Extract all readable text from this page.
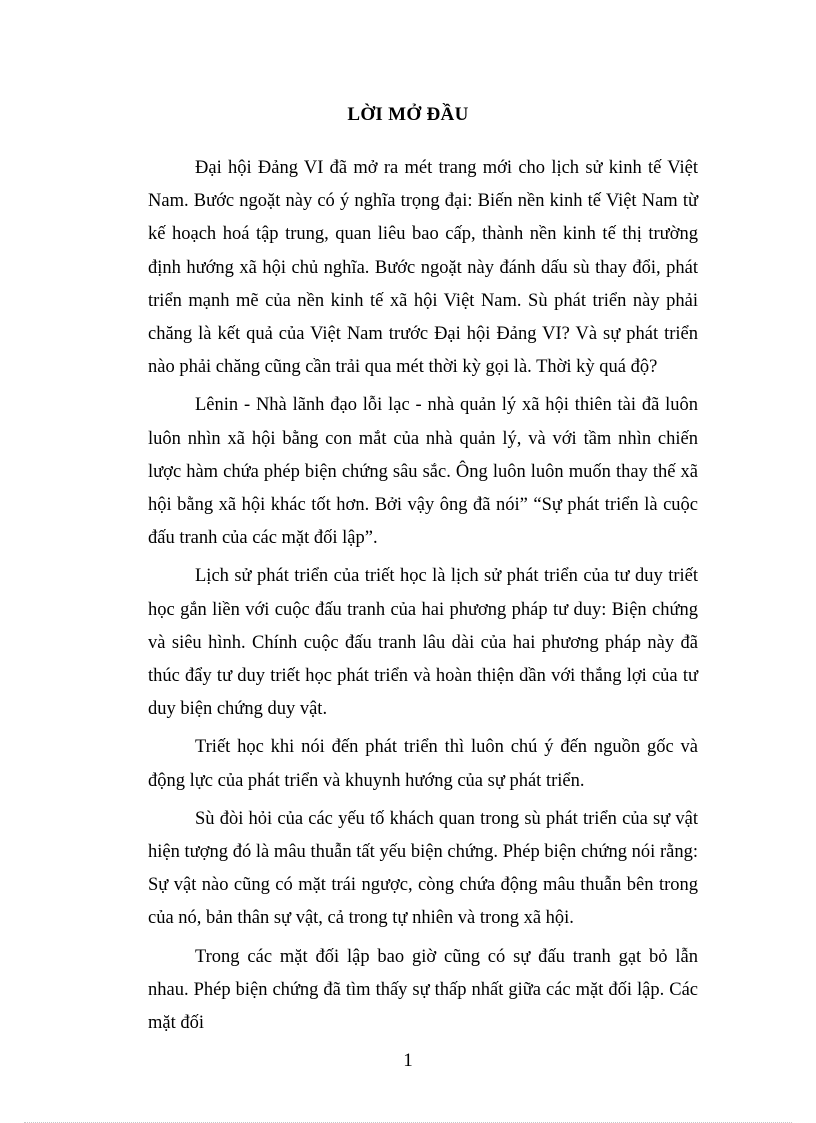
LỜI MỞ ĐẦU

Đại hội Đảng VI đã mở ra mét trang mới cho lịch sử kinh tế Việt Nam. Bước ngoặt này có ý nghĩa trọng đại: Biến nền kinh tế Việt Nam từ kế hoạch hoá tập trung, quan liêu bao cấp, thành nền kinh tế thị trường định hướng xã hội chủ nghĩa. Bước ngoặt này đánh dấu sù thay đổi, phát triển mạnh mẽ của nền kinh tế xã hội Việt Nam. Sù phát triển này phải chăng là kết quả của Việt Nam trước Đại hội Đảng VI? Và sự phát triển nào phải chăng cũng cần trải qua mét thời kỳ gọi là. Thời kỳ quá độ?

Lênin - Nhà lãnh đạo lỗi lạc - nhà quản lý xã hội thiên tài đã luôn luôn nhìn xã hội bằng con mắt của nhà quản lý, và với tầm nhìn chiến lược hàm chứa phép biện chứng sâu sắc. Ông luôn luôn muốn thay thế xã hội bằng xã hội khác tốt hơn. Bởi vậy ông đã nói” “Sự phát triển là cuộc đấu tranh của các mặt đối lập”.

Lịch sử phát triển của triết học là lịch sử phát triển của tư duy triết học gắn liền với cuộc đấu tranh của hai phương pháp tư duy: Biện chứng và siêu hình. Chính cuộc đấu tranh lâu dài của hai phương pháp này đã thúc đẩy tư duy triết học phát triển và hoàn thiện dần với thắng lợi của tư duy biện chứng duy vật.

Triết học khi nói đến phát triển thì luôn chú ý đến nguồn gốc và động lực của phát triển và khuynh hướng của sự phát triển.

Sù đòi hỏi của các yếu tố khách quan trong sù phát triển của sự vật hiện tượng đó là mâu thuẫn tất yếu biện chứng. Phép biện chứng nói rằng: Sự vật nào cũng có mặt trái ngược, còng chứa động mâu thuẫn bên trong của nó, bản thân sự vật, cả trong tự nhiên và trong xã hội.

Trong các mặt đối lập bao giờ cũng có sự đấu tranh gạt bỏ lẫn nhau. Phép biện chứng đã tìm thấy sự thấp nhất giữa các mặt đối lập. Các mặt đối

1
